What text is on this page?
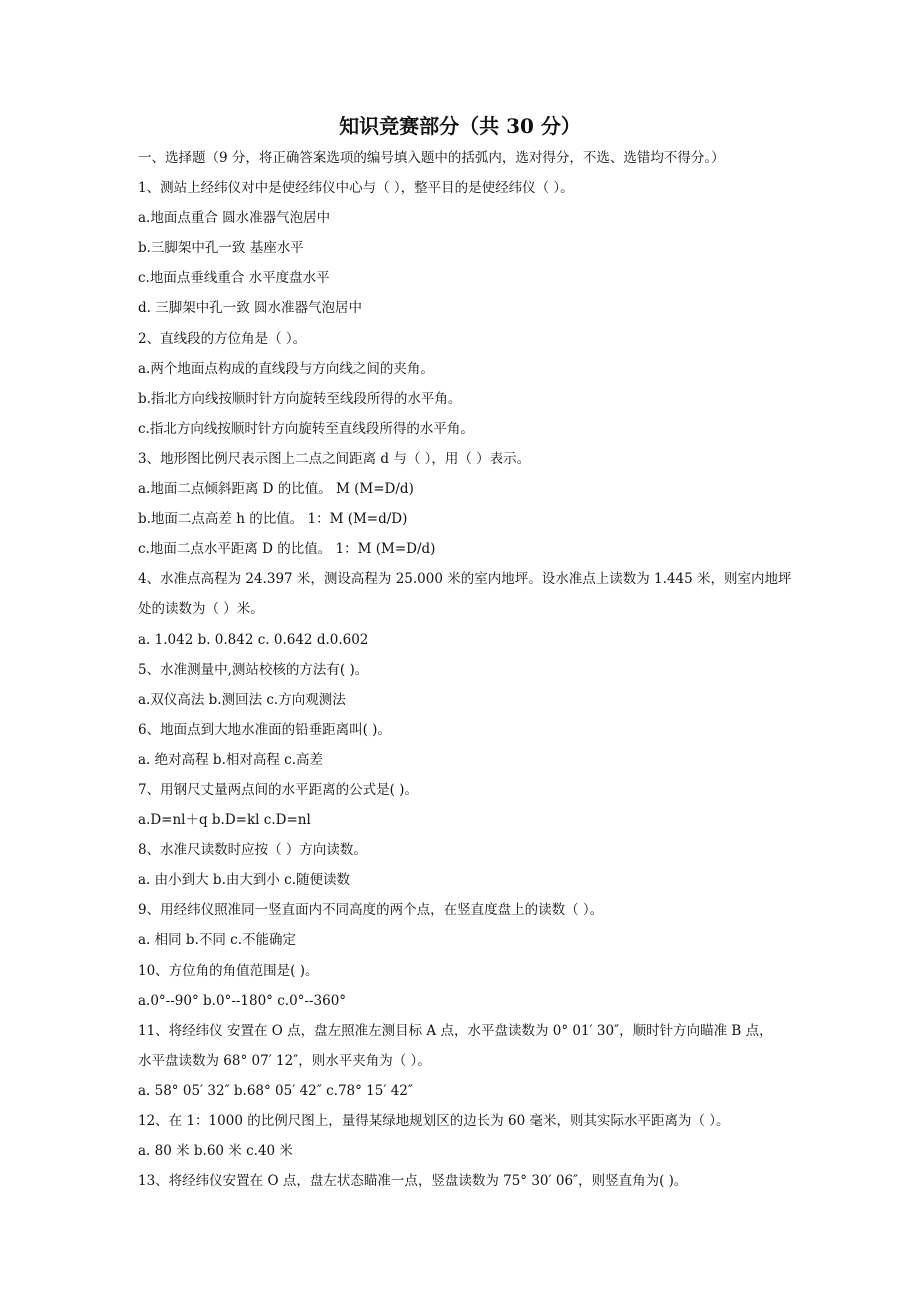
知识竞赛部分（共 30 分）
一、选择题（9 分，将正确答案选项的编号填入题中的括弧内，选对得分，不选、选错均不得分。）
1、测站上经纬仪对中是使经纬仪中心与（ ），整平目的是使经纬仪（ ）。
a.地面点重合 圆水准器气泡居中
b.三脚架中孔一致 基座水平
c.地面点垂线重合 水平度盘水平
d. 三脚架中孔一致 圆水准器气泡居中
2、直线段的方位角是（ ）。
a.两个地面点构成的直线段与方向线之间的夹角。
b.指北方向线按顺时针方向旋转至线段所得的水平角。
c.指北方向线按顺时针方向旋转至直线段所得的水平角。
3、地形图比例尺表示图上二点之间距离 d 与（ ），用（ ）表示。
a.地面二点倾斜距离 D 的比值。 M (M=D/d)
b.地面二点高差 h 的比值。 1：M (M=d/D)
c.地面二点水平距离 D 的比值。 1：M (M=D/d)
4、水准点高程为 24.397 米，测设高程为 25.000 米的室内地坪。设水准点上读数为 1.445 米，则室内地坪
处的读数为（ ）米。
a. 1.042 b. 0.842 c. 0.642 d.0.602
5、水准测量中,测站校核的方法有( )。
a.双仪高法 b.测回法 c.方向观测法
6、地面点到大地水准面的铅垂距离叫( )。
a. 绝对高程 b.相对高程 c.高差
7、用钢尺丈量两点间的水平距离的公式是( )。
a.D=nl＋q b.D=kl c.D=nl
8、水准尺读数时应按（ ）方向读数。
a. 由小到大 b.由大到小 c.随便读数
9、用经纬仪照准同一竖直面内不同高度的两个点，在竖直度盘上的读数（ ）。
a. 相同 b.不同 c.不能确定
10、方位角的角值范围是( )。
a.0°--90° b.0°--180° c.0°--360°
11、将经纬仪 安置在 O 点，盘左照准左测目标 A 点，水平盘读数为 0° 01′ 30″，顺时针方向瞄准 B 点，
水平盘读数为 68° 07′ 12″，则水平夹角为（ ）。
a. 58° 05′ 32″ b.68° 05′ 42″ c.78° 15′ 42″
12、在 1：1000 的比例尺图上，量得某绿地规划区的边长为 60 毫米，则其实际水平距离为（ ）。
a. 80 米 b.60 米 c.40 米
13、将经纬仪安置在 O 点，盘左状态瞄准一点，竖盘读数为 75° 30′ 06″，则竖直角为( )。
